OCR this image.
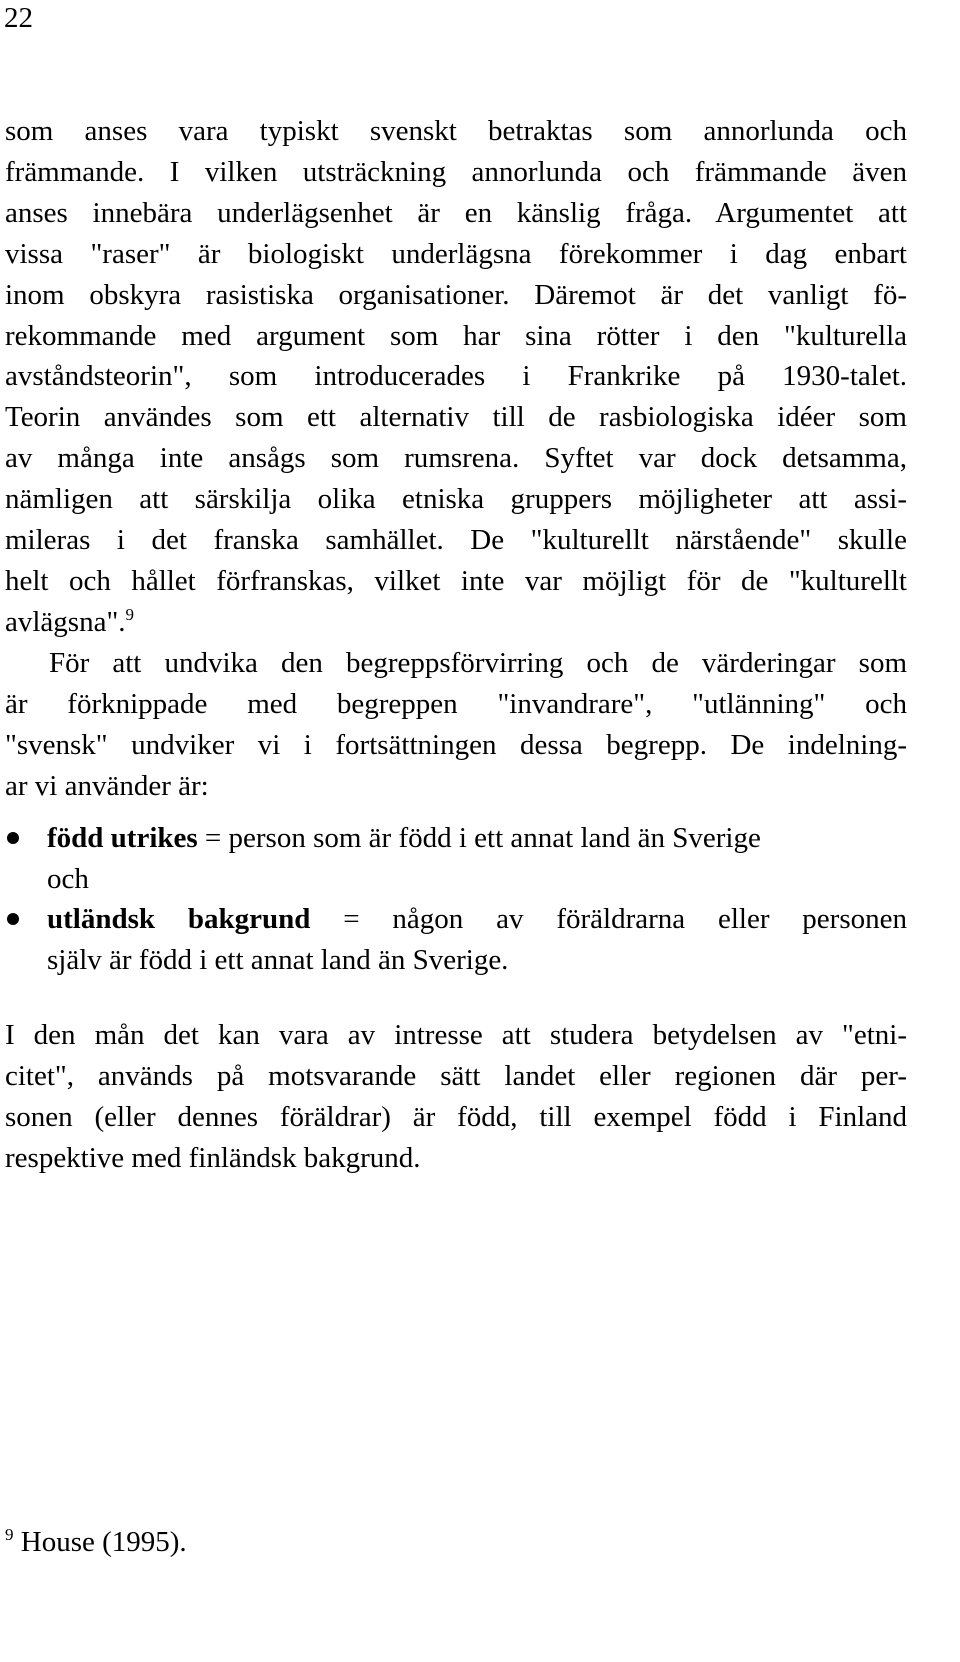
22
som anses vara typiskt svenskt betraktas som annorlunda och
främmande. I vilken utsträckning annorlunda och främmande även
anses innebära underlägsenhet är en känslig fråga. Argumentet att
vissa "raser" är biologiskt underlägsna förekommer i dag enbart
inom obskyra rasistiska organisationer. Däremot är det vanligt fö-
rekommande med argument som har sina rötter i den "kulturella
avståndsteorin", som introducerades i Frankrike på 1930-talet.
Teorin användes som ett alternativ till de rasbiologiska idéer som
av många inte ansågs som rumsrena. Syftet var dock detsamma,
nämligen att särskilja olika etniska gruppers möjligheter att assi-
mileras i det franska samhället. De "kulturellt närstående" skulle
helt och hållet förfranskas, vilket inte var möjligt för de "kulturellt
avlägsna".$^9$
För att undvika den begreppsförvirring och de värderingar som
är förknippade med begreppen "invandrare", "utlänning" och
"svensk" undviker vi i fortsättningen dessa begrepp. De indelning-
ar vi använder är:
född utrikes = person som är född i ett annat land än Sverige
och
utländsk bakgrund = någon av föräldrarna eller personen
själv är född i ett annat land än Sverige.
I den mån det kan vara av intresse att studera betydelsen av "etni-
citet", används på motsvarande sätt landet eller regionen där per-
sonen (eller dennes föräldrar) är född, till exempel född i Finland
respektive med finländsk bakgrund.
$^9$ House (1995).
